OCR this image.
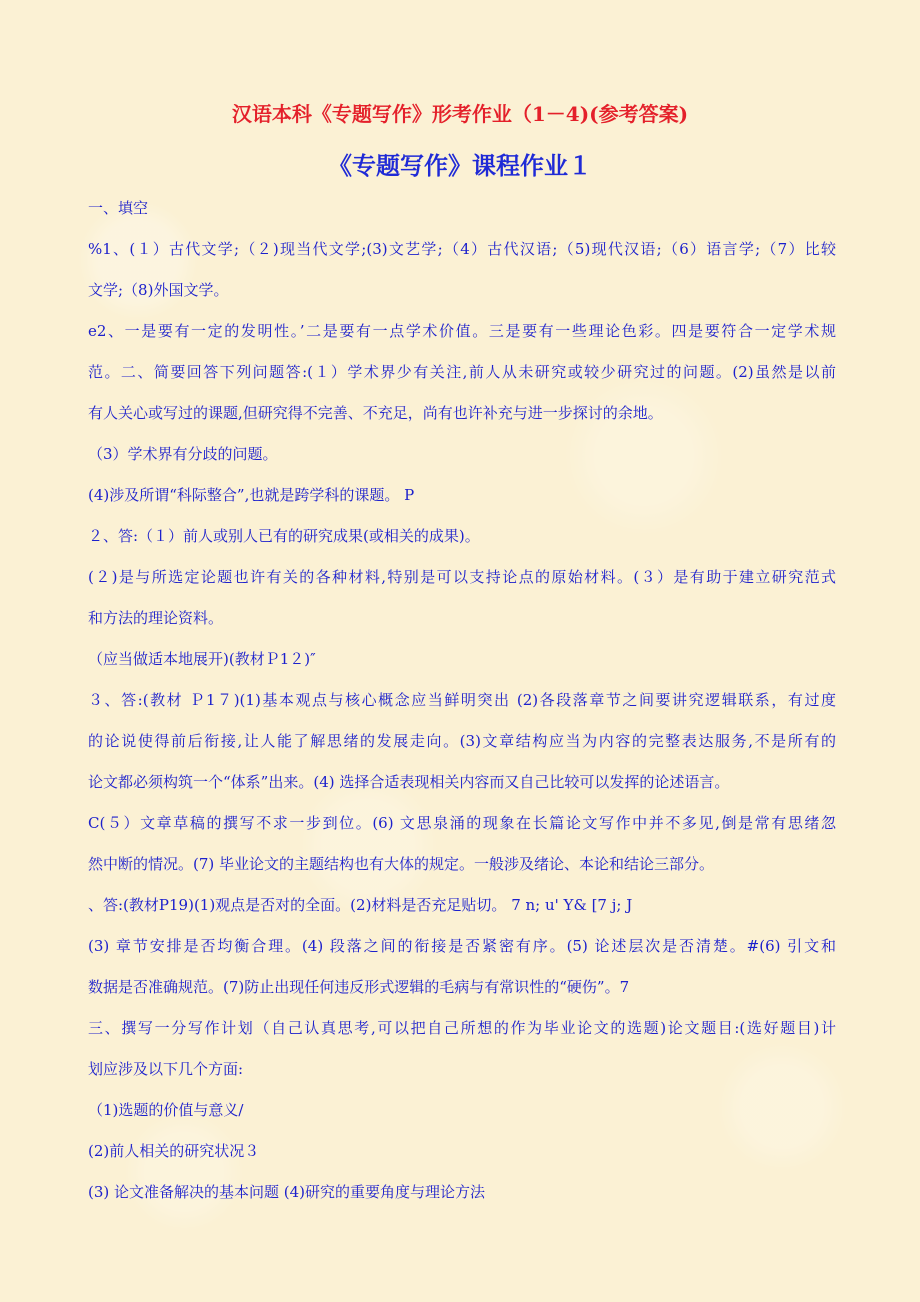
汉语本科《专题写作》形考作业（1－4)(参考答案)
《专题写作》课程作业１
一、填空
%1、(１）古代文学;（２)现当代文学;(3)文艺学;（4）古代汉语;（5)现代汉语;（6）语言学;（7）比较
文学;（8)外国文学。
e2、一是要有一定的发明性。’二是要有一点学术价值。三是要有一些理论色彩。四是要符合一定学术规
范。二、简要回答下列问题答:(１）学术界少有关注,前人从未研究或较少研究过的问题。(2)虽然是以前
有人关心或写过的课题,但研究得不完善、不充足，尚有也许补充与进一步探讨的余地。
（3）学术界有分歧的问题。
(4)涉及所谓“科际整合”,也就是跨学科的课题。 P
２、答:（１）前人或别人已有的研究成果(或相关的成果)。
(２)是与所选定论题也许有关的各种材料,特别是可以支持论点的原始材料。(３）是有助于建立研究范式
和方法的理论资料。
（应当做适本地展开)(教材Ｐ1２)″
３、答:(教材 Ｐ1７)(1)基本观点与核心概念应当鲜明突出 (2)各段落章节之间要讲究逻辑联系，有过度
的论说使得前后衔接,让人能了解思绪的发展走向。(3)文章结构应当为内容的完整表达服务,不是所有的
论文都必须构筑一个“体系”出来。(4) 选择合适表现相关内容而又自己比较可以发挥的论述语言。
C(５）文章草稿的撰写不求一步到位。(6) 文思泉涌的现象在长篇论文写作中并不多见,倒是常有思绪忽
然中断的情况。(7) 毕业论文的主题结构也有大体的规定。一般涉及绪论、本论和结论三部分。
、答:(教材P19)(1)观点是否对的全面。(2)材料是否充足贴切。 7 n; u' Y& [7 j; J
(3) 章节安排是否均衡合理。(4) 段落之间的衔接是否紧密有序。(5) 论述层次是否清楚。#(6) 引文和
数据是否准确规范。(7)防止出现任何违反形式逻辑的毛病与有常识性的“硬伤”。7
三、撰写一分写作计划（自己认真思考,可以把自己所想的作为毕业论文的选题)论文题目:(选好题目)计
划应涉及以下几个方面:
（1)选题的价值与意义/
(2)前人相关的研究状况３
(3) 论文准备解决的基本问题 (4)研究的重要角度与理论方法
